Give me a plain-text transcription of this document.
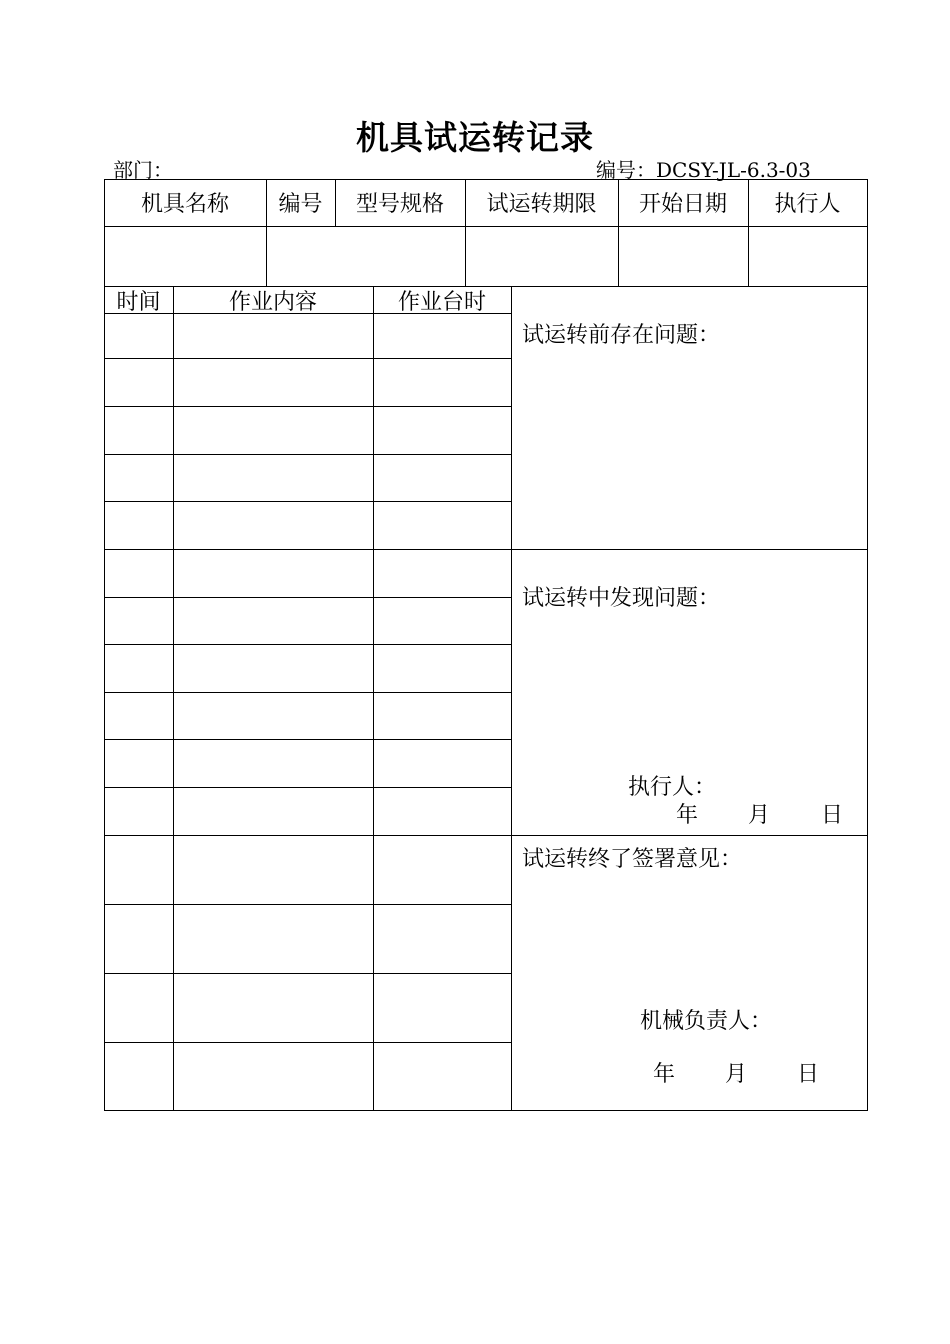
机具试运转记录
部门：	编号：DCSY-JL-6.3-03
机具名称	编号	型号规格	试运转期限	开始日期	执行人
时间	作业内容	作业台时
试运转前存在问题：
试运转中发现问题：
执行人：
年 月 日
试运转终了签署意见：
机械负责人：
年 月 日
